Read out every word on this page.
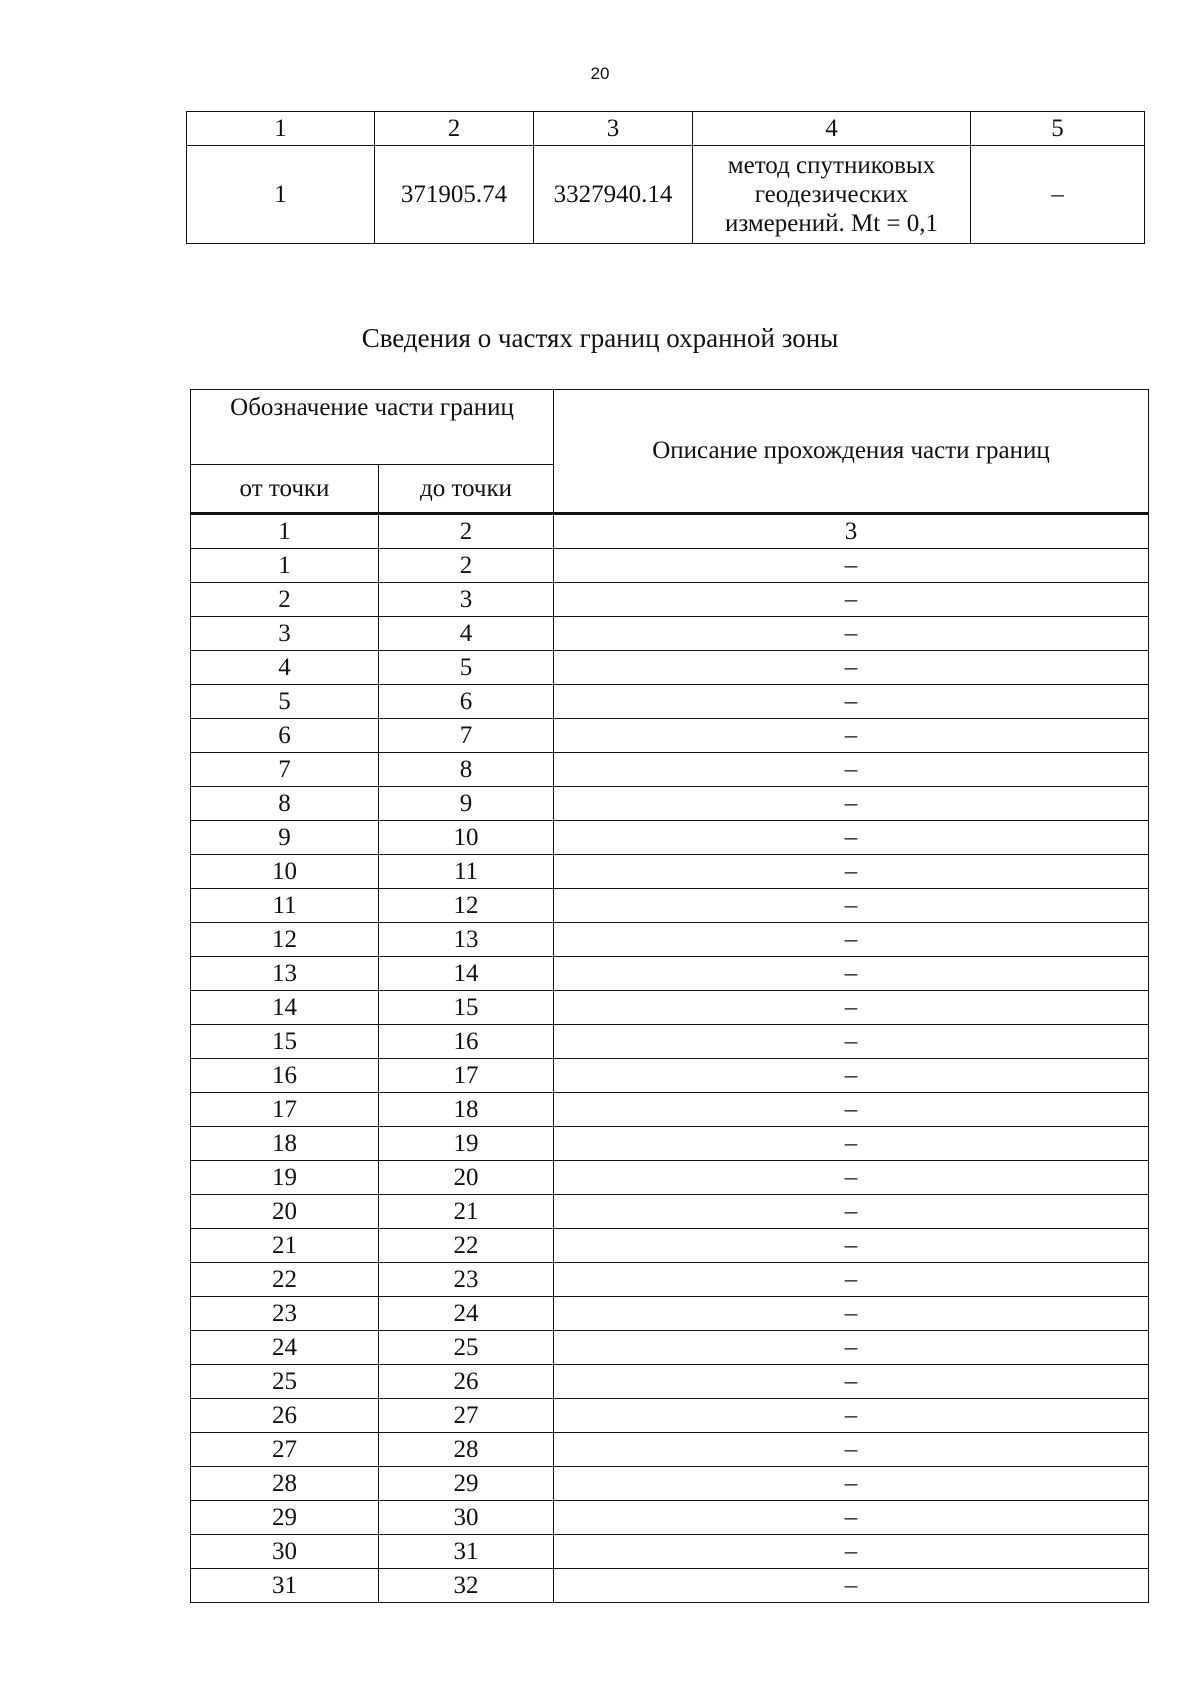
20
1	2	3	4	5
1	371905.74	3327940.14	метод спутниковых
геодезических
измерений. Mt = 0,1	–
Сведения о частях границ охранной зоны
Обозначение части границ		Описание прохождения части границ
от точки	до точки	
1	2	3
1	2	–
2	3	–
3	4	–
4	5	–
5	6	–
6	7	–
7	8	–
8	9	–
9	10	–
10	11	–
11	12	–
12	13	–
13	14	–
14	15	–
15	16	–
16	17	–
17	18	–
18	19	–
19	20	–
20	21	–
21	22	–
22	23	–
23	24	–
24	25	–
25	26	–
26	27	–
27	28	–
28	29	–
29	30	–
30	31	–
31	32	–
